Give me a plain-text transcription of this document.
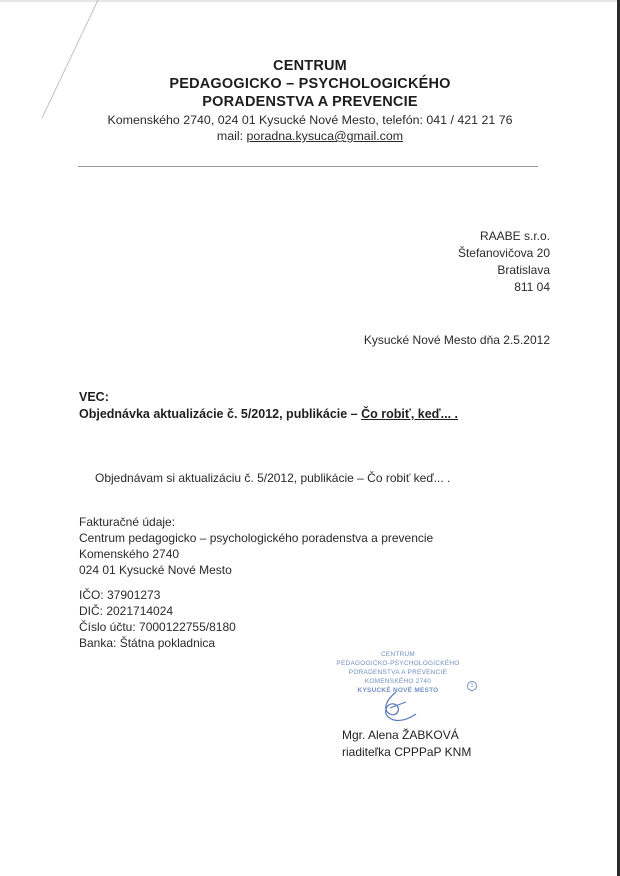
CENTRUM
PEDAGOGICKO – PSYCHOLOGICKÉHO
PORADENSTVA A PREVENCIE
Komenského 2740, 024 01 Kysucké Nové Mesto, telefón: 041 / 421 21 76
mail: poradna.kysuca@gmail.com
RAABE s.r.o.
Štefanovičova 20
Bratislava
811 04
Kysucké Nové Mesto dňa 2.5.2012
VEC:
Objednávka aktualizácie č. 5/2012, publikácie – Čo robiť, keď... .
Objednávam si aktualizáciu č. 5/2012, publikácie – Čo robiť keď... .
Fakturačné údaje:
Centrum pedagogicko – psychologického poradenstva a prevencie
Komenského 2740
024 01 Kysucké Nové Mesto
IČO: 37901273
DIČ: 2021714024
Číslo účtu: 7000122755/8180
Banka: Štátna pokladnica
CENTRUM
PEDAGOGICKO-PSYCHOLOGICKÉHO
PORADENSTVA A PREVENCIE
KOMENSKÉHO 2740
KYSUCKÉ NOVÉ MESTO
1
Mgr. Alena ŽABKOVÁ
riaditeľka CPPPaP KNM
